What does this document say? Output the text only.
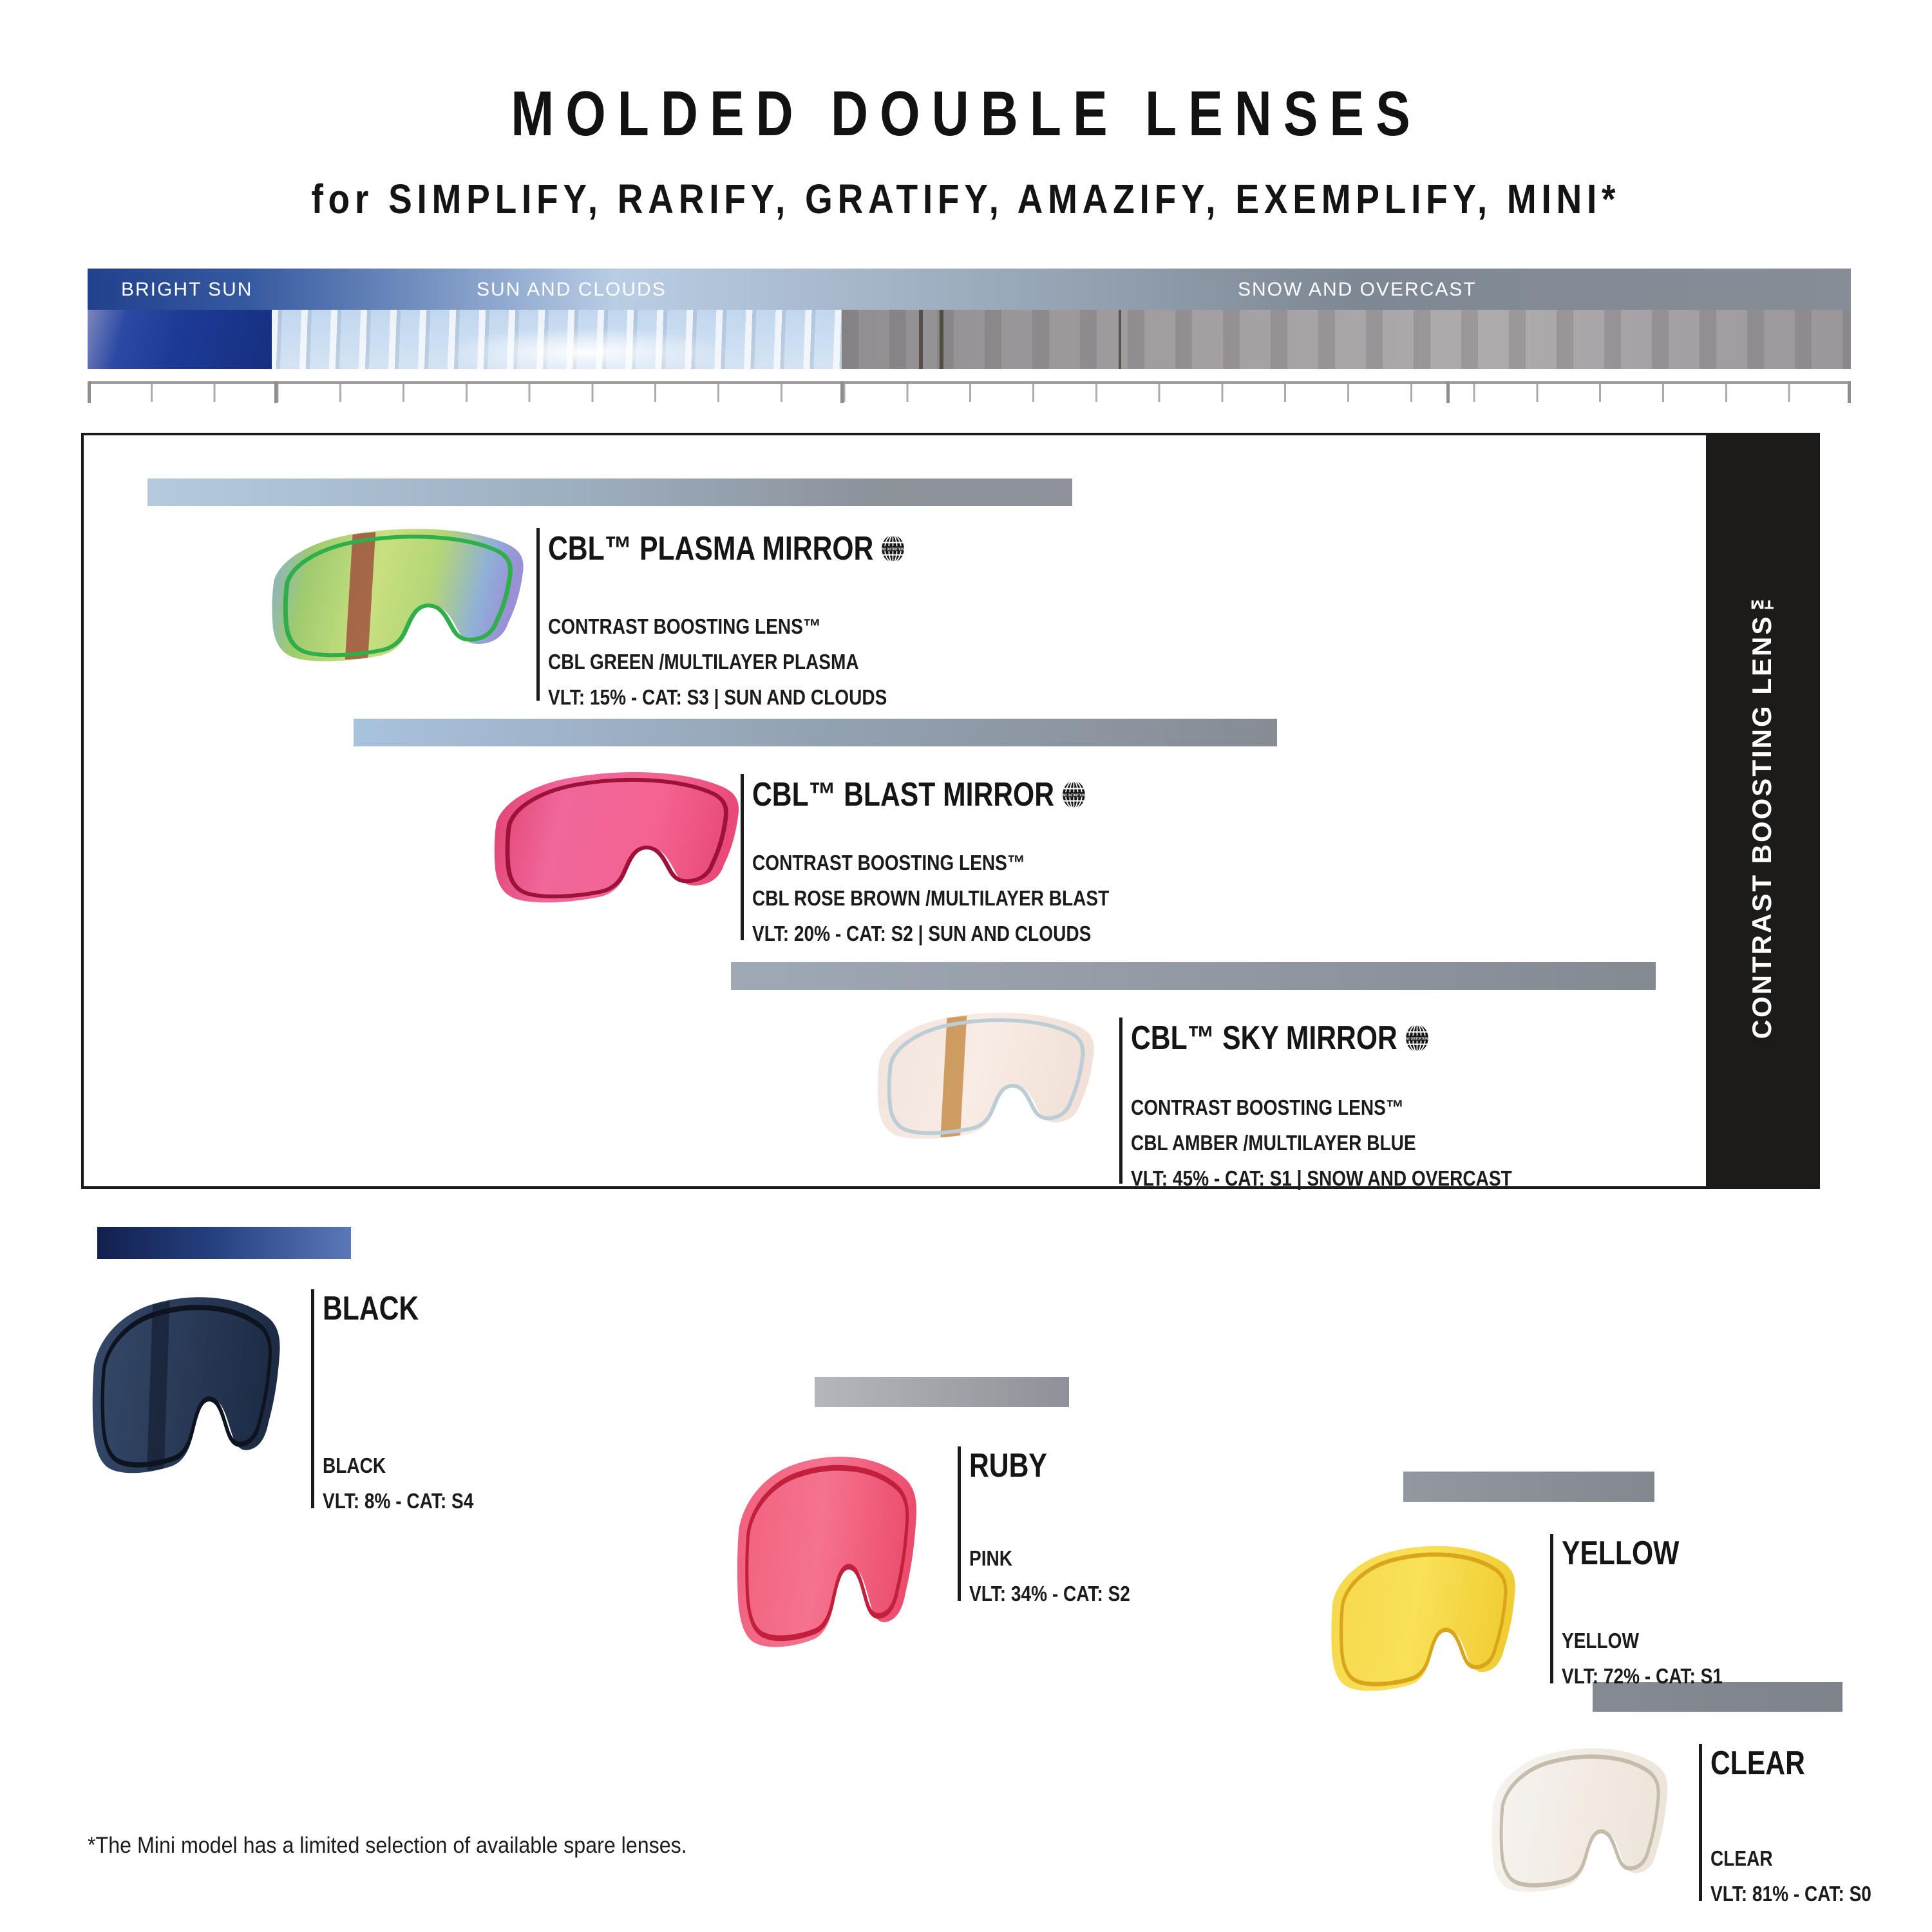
MOLDED DOUBLE LENSES
for SIMPLIFY, RARIFY, GRATIFY, AMAZIFY, EXEMPLIFY, MINI*
BRIGHT SUN	SUN AND CLOUDS	SNOW AND OVERCAST
CONTRAST BOOSTING LENS™
CBL™ PLASMA MIRROR NO DISTORTION
CBL™ BLAST MIRROR NO DISTORTION
CBL™ SKY MIRROR NO DISTORTION
BLACK
RUBY
YELLOW
CLEAR
CONTRAST BOOSTING LENS™
CBL GREEN /MULTILAYER PLASMA
VLT: 15% - CAT: S3 | SUN AND CLOUDS
CONTRAST BOOSTING LENS™
CBL ROSE BROWN /MULTILAYER BLAST
VLT: 20% - CAT: S2 | SUN AND CLOUDS
CONTRAST BOOSTING LENS™
CBL AMBER /MULTILAYER BLUE
VLT: 45% - CAT: S1 | SNOW AND OVERCAST
BLACK
VLT: 8% - CAT: S4
PINK
VLT: 34% - CAT: S2
YELLOW
VLT: 72% - CAT: S1
CLEAR
VLT: 81% - CAT: S0
*The Mini model has a limited selection of available spare lenses.
